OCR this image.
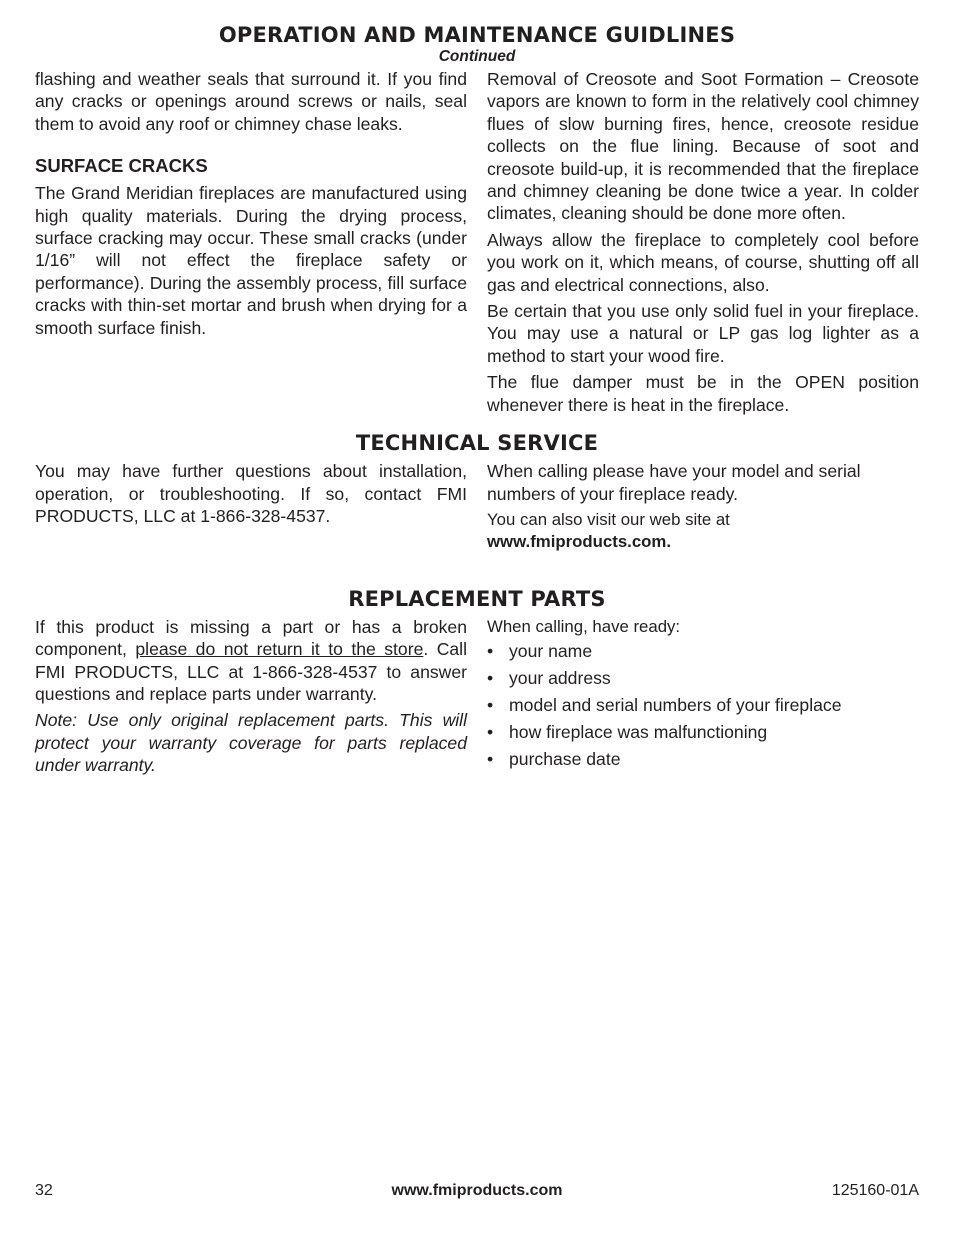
OPERATION AND MAINTENANCE GUIDLINES

Continued

flashing and weather seals that surround it. If you find any cracks or openings around screws or nails, seal them to avoid any roof or chimney chase leaks.

SURFACE CRACKS

The Grand Meridian fireplaces are manufactured using high quality materials. During the drying process, surface cracking may occur. These small cracks (under 1/16” will not effect the fireplace safety or performance). During the assembly process, fill surface cracks with thin-set mortar and brush when drying for a smooth surface finish.

Removal of Creosote and Soot Formation – Creosote vapors are known to form in the relatively cool chimney flues of slow burning fires, hence, creosote residue collects on the flue lining. Because of soot and creosote build-up, it is recommended that the fireplace and chimney cleaning be done twice a year. In colder climates, cleaning should be done more often.

Always allow the fireplace to completely cool before you work on it, which means, of course, shutting off all gas and electrical connections, also.

Be certain that you use only solid fuel in your fireplace. You may use a natural or LP gas log lighter as a method to start your wood fire.

The flue damper must be in the OPEN position whenever there is heat in the fireplace.

TECHNICAL SERVICE

You may have further questions about installation, operation, or troubleshooting. If so, contact FMI PRODUCTS, LLC at 1-866-328-4537.

When calling please have your model and serial numbers of your fireplace ready.

You can also visit our web site at
www.fmiproducts.com.

REPLACEMENT PARTS

If this product is missing a part or has a broken component, please do not return it to the store. Call FMI PRODUCTS, LLC at 1-866-328-4537 to answer questions and replace parts under warranty.

Note: Use only original replacement parts. This will protect your warranty coverage for parts replaced under warranty.

When calling, have ready:

• your name
• your address
• model and serial numbers of your fireplace
• how fireplace was malfunctioning
• purchase date
32	www.fmiproducts.com	125160-01A
